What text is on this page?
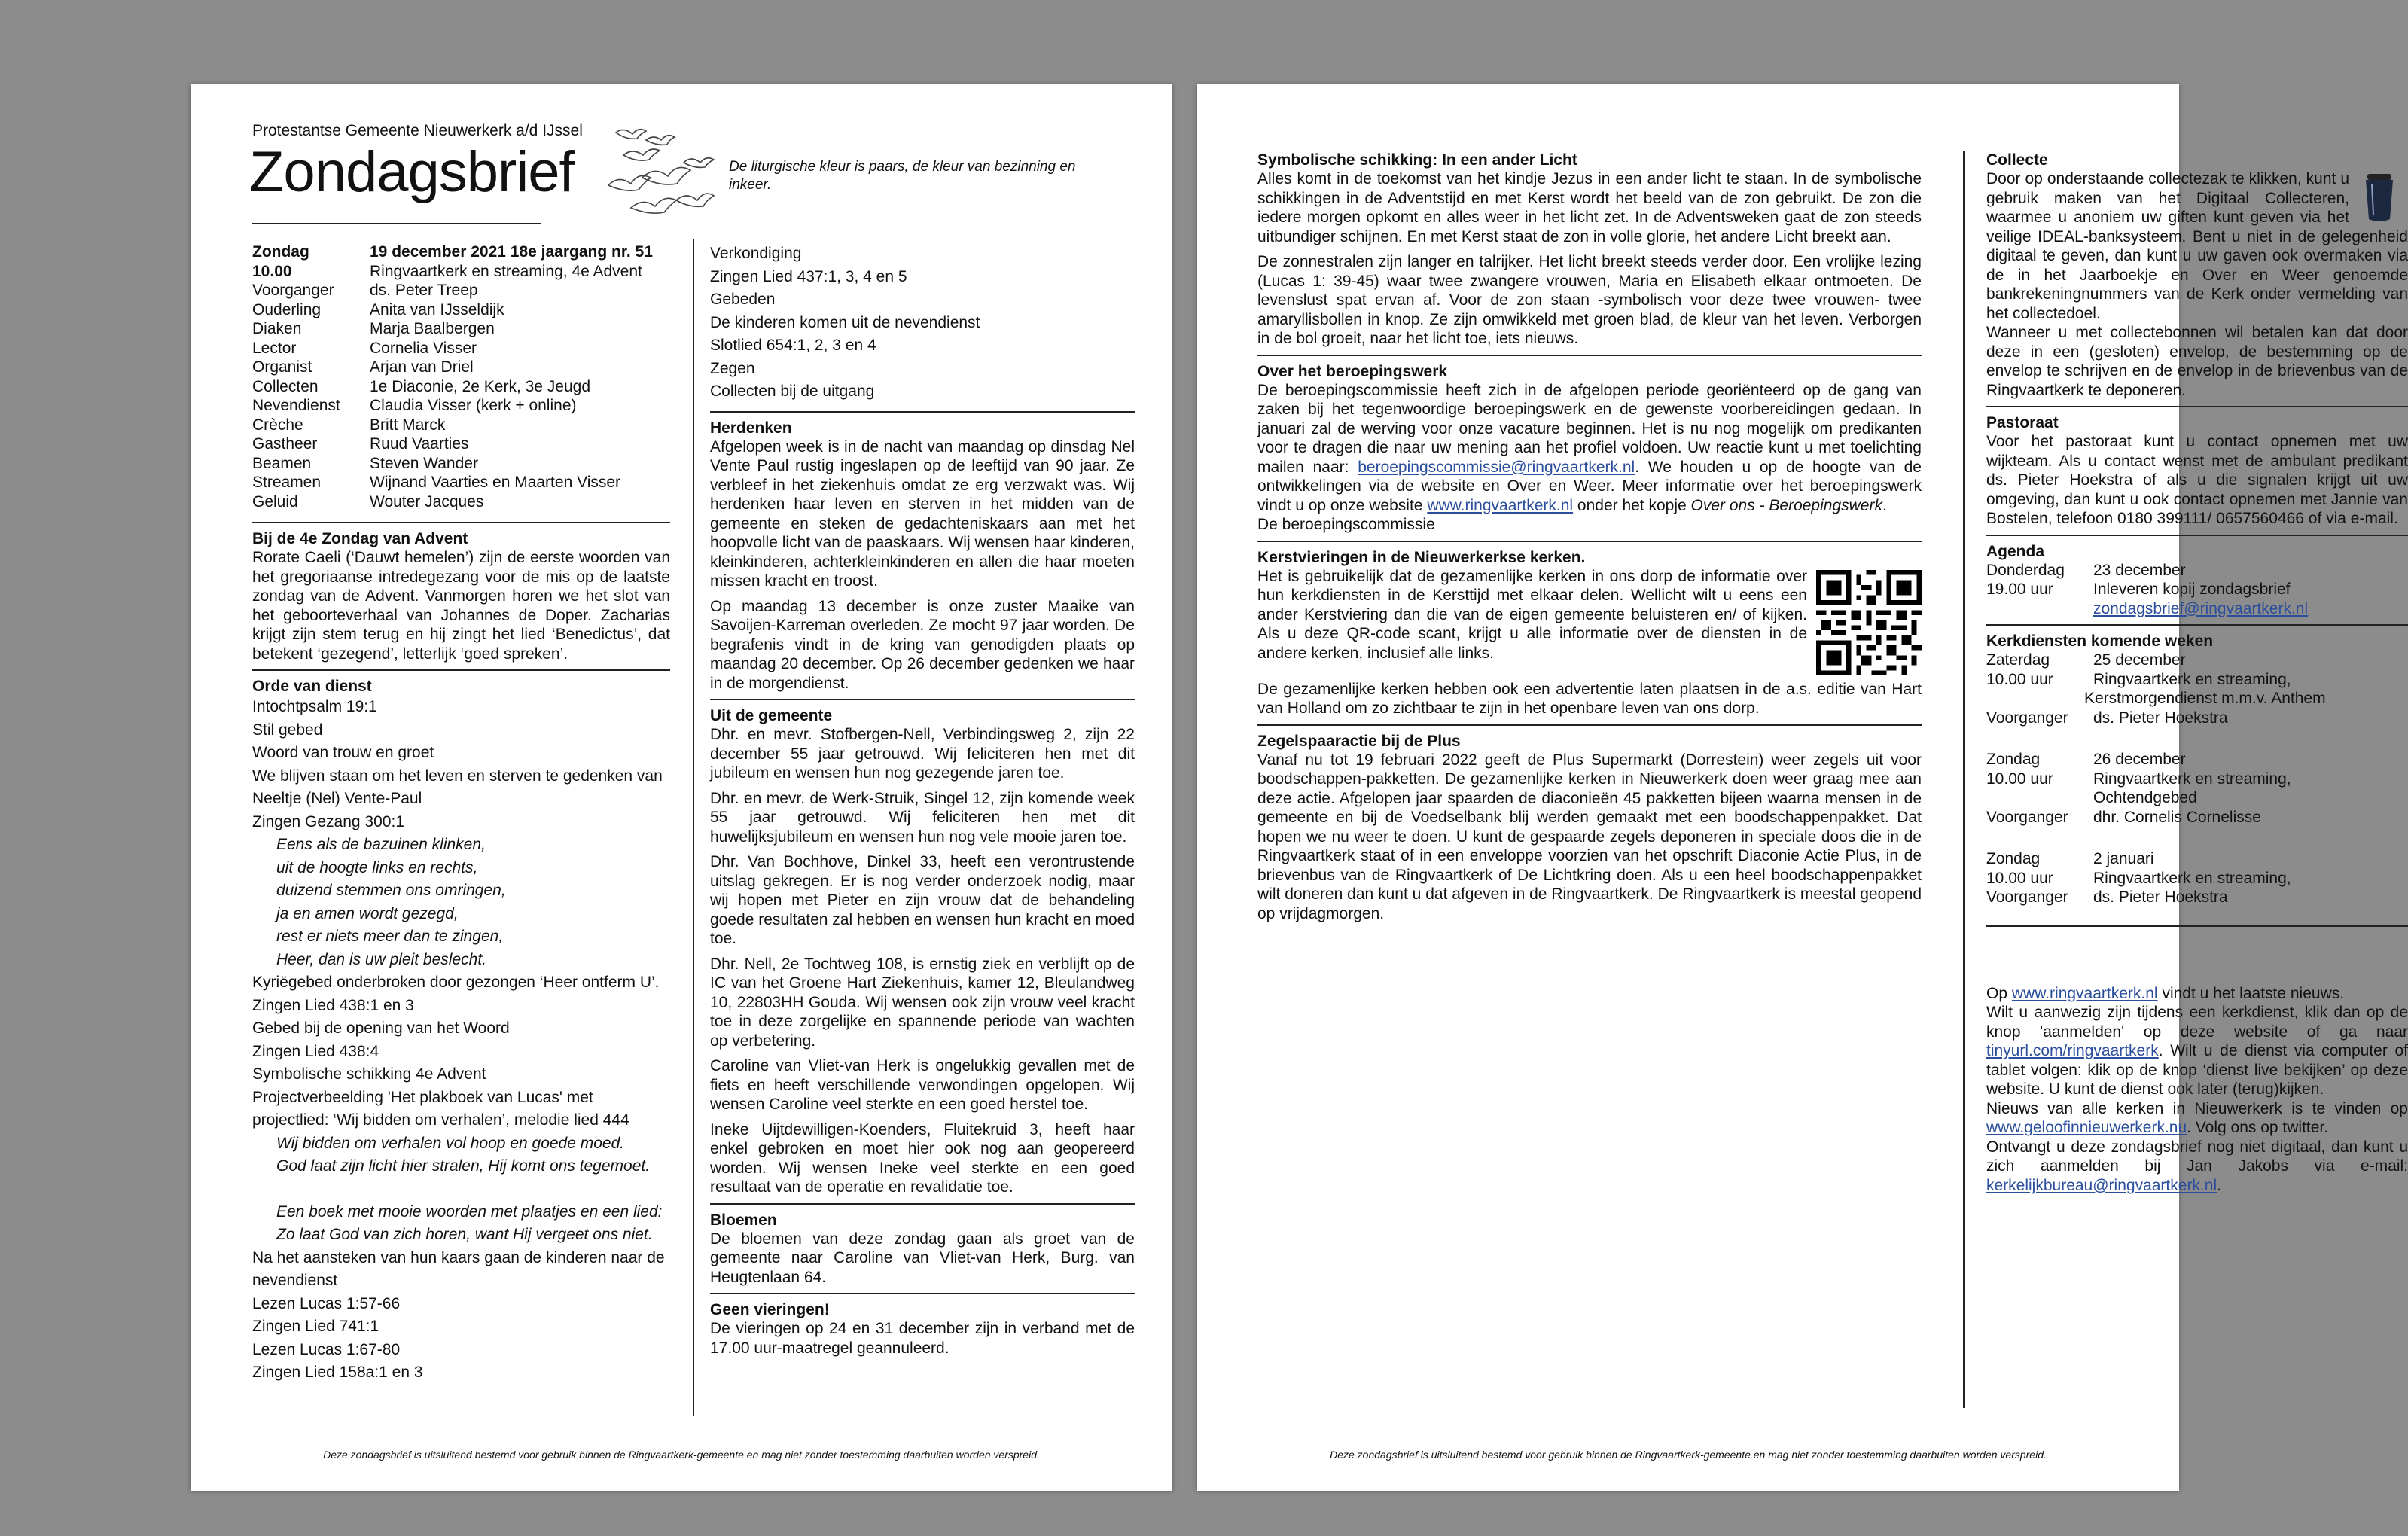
Protestantse Gemeente Nieuwerkerk a/d IJssel
Zondagsbrief	De liturgische kleur is paars, de kleur van bezinning en inkeer.
Zondag	19 december 2021 18e jaargang nr. 51
10.00	Ringvaartkerk en streaming, 4e Advent
Voorganger	ds. Peter Treep
Ouderling	Anita van IJsseldijk
Diaken	Marja Baalbergen
Lector	Cornelia Visser
Organist	Arjan van Driel
Collecten	1e Diaconie, 2e Kerk, 3e Jeugd
Nevendienst	Claudia Visser (kerk + online)
Crèche	Britt Marck
Gastheer	Ruud Vaarties
Beamen	Steven Wander
Streamen	Wijnand Vaarties en Maarten Visser
Geluid	Wouter Jacques
Bij de 4e Zondag van Advent
Rorate Caeli (‘Dauwt hemelen’) zijn de eerste woorden van het gregoriaanse intredegezang voor de mis op de laatste zondag van de Advent. Vanmorgen horen we het slot van het geboorteverhaal van Johannes de Doper. Zacharias krijgt zijn stem terug en hij zingt het lied ‘Benedictus’, dat betekent ‘gezegend’, letterlijk ‘goed spreken’.
Orde van dienst
Intochtpsalm 19:1
Stil gebed
Woord van trouw en groet
We blijven staan om het leven en sterven te gedenken van Neeltje (Nel) Vente-Paul
Zingen Gezang 300:1
Eens als de bazuinen klinken,
uit de hoogte links en rechts,
duizend stemmen ons omringen,
ja en amen wordt gezegd,
rest er niets meer dan te zingen,
Heer, dan is uw pleit beslecht.
Kyriëgebed onderbroken door gezongen ‘Heer ontferm U’.
Zingen Lied 438:1 en 3
Gebed bij de opening van het Woord
Zingen Lied 438:4
Symbolische schikking 4e Advent
Projectverbeelding 'Het plakboek van Lucas' met projectlied: ‘Wij bidden om verhalen’, melodie lied 444
Wij bidden om verhalen vol hoop en goede moed.
God laat zijn licht hier stralen, Hij komt ons tegemoet.
Een boek met mooie woorden met plaatjes en een lied:
Zo laat God van zich horen, want Hij vergeet ons niet.
Na het aansteken van hun kaars gaan de kinderen naar de nevendienst
Lezen Lucas 1:57-66
Zingen Lied 741:1
Lezen Lucas 1:67-80
Zingen Lied 158a:1 en 3
Verkondiging
Zingen Lied 437:1, 3, 4 en 5
Gebeden
De kinderen komen uit de nevendienst
Slotlied 654:1, 2, 3 en 4
Zegen
Collecten bij de uitgang
Herdenken
Afgelopen week is in de nacht van maandag op dinsdag Nel Vente Paul rustig ingeslapen op de leeftijd van 90 jaar. Ze verbleef in het ziekenhuis omdat ze erg verzwakt was. Wij herdenken haar leven en sterven in het midden van de gemeente en steken de gedachteniskaars aan met het hoopvolle licht van de paaskaars. Wij wensen haar kinderen, kleinkinderen, achterkleinkinderen en allen die haar moeten missen kracht en troost.
Op maandag 13 december is onze zuster Maaike van Savoijen-Karreman overleden. Ze mocht 97 jaar worden. De begrafenis vindt in de kring van genodigden plaats op maandag 20 december. Op 26 december gedenken we haar in de morgendienst.
Uit de gemeente
Dhr. en mevr. Stofbergen-Nell, Verbindingsweg 2, zijn 22 december 55 jaar getrouwd. Wij feliciteren hen met dit jubileum en wensen hun nog gezegende jaren toe.
Dhr. en mevr. de Werk-Struik, Singel 12, zijn komende week 55 jaar getrouwd. Wij feliciteren hen met dit huwelijksjubileum en wensen hun nog vele mooie jaren toe.
Dhr. Van Bochhove, Dinkel 33, heeft een verontrustende uitslag gekregen. Er is nog verder onderzoek nodig, maar wij hopen met Pieter en zijn vrouw dat de behandeling goede resultaten zal hebben en wensen hun kracht en moed toe.
Dhr. Nell, 2e Tochtweg 108, is ernstig ziek en verblijft op de IC van het Groene Hart Ziekenhuis, kamer 12, Bleulandweg 10, 22803HH Gouda. Wij wensen ook zijn vrouw veel kracht toe in deze zorgelijke en spannende periode van wachten op verbetering.
Caroline van Vliet-van Herk is ongelukkig gevallen met de fiets en heeft verschillende verwondingen opgelopen. Wij wensen Caroline veel sterkte en een goed herstel toe.
Ineke Uijtdewilligen-Koenders, Fluitekruid 3, heeft haar enkel gebroken en moet hier ook nog aan geopereerd worden. Wij wensen Ineke veel sterkte en een goed resultaat van de operatie en revalidatie toe.
Bloemen
De bloemen van deze zondag gaan als groet van de gemeente naar Caroline van Vliet-van Herk, Burg. van Heugtenlaan 64.
Geen vieringen!
De vieringen op 24 en 31 december zijn in verband met de 17.00 uur-maatregel geannuleerd.
Deze zondagsbrief is uitsluitend bestemd voor gebruik binnen de Ringvaartkerk-gemeente en mag niet zonder toestemming daarbuiten worden verspreid.
Symbolische schikking: In een ander Licht
Alles komt in de toekomst van het kindje Jezus in een ander licht te staan. In de symbolische schikkingen in de Adventstijd en met Kerst wordt het beeld van de zon gebruikt. De zon die iedere morgen opkomt en alles weer in het licht zet. In de Adventsweken gaat de zon steeds uitbundiger schijnen. En met Kerst staat de zon in volle glorie, het andere Licht breekt aan.
De zonnestralen zijn langer en talrijker. Het licht breekt steeds verder door. Een vrolijke lezing (Lucas 1: 39-45) waar twee zwangere vrouwen, Maria en Elisabeth elkaar ontmoeten. De levenslust spat ervan af. Voor de zon staan -symbolisch voor deze twee vrouwen- twee amaryllisbollen in knop. Ze zijn omwikkeld met groen blad, de kleur van het leven. Verborgen in de bol groeit, naar het licht toe, iets nieuws.
Over het beroepingswerk
De beroepingscommissie heeft zich in de afgelopen periode georiënteerd op de gang van zaken bij het tegenwoordige beroepingswerk en de gewenste voorbereidingen gedaan. In januari zal de werving voor onze vacature beginnen. Het is nu nog mogelijk om predikanten voor te dragen die naar uw mening aan het profiel voldoen. Uw reactie kunt u met toelichting mailen naar: beroepingscommissie@ringvaartkerk.nl. We houden u op de hoogte van de ontwikkelingen via de website en Over en Weer. Meer informatie over het beroepingswerk vindt u op onze website www.ringvaartkerk.nl onder het kopje Over ons - Beroepingswerk.
De beroepingscommissie
Kerstvieringen in de Nieuwerkerkse kerken.
Het is gebruikelijk dat de gezamenlijke kerken in ons dorp de informatie over hun kerkdiensten in de Kersttijd met elkaar delen. Wellicht wilt u eens een ander Kerstviering dan die van de eigen gemeente beluisteren en/ of kijken. Als u deze QR-code scant, krijgt u alle informatie over de diensten in de andere kerken, inclusief alle links.
De gezamenlijke kerken hebben ook een advertentie laten plaatsen in de a.s. editie van Hart van Holland om zo zichtbaar te zijn in het openbare leven van ons dorp.
Zegelspaaractie bij de Plus
Vanaf nu tot 19 februari 2022 geeft de Plus Supermarkt (Dorrestein) weer zegels uit voor boodschappen-pakketten. De gezamenlijke kerken in Nieuwerkerk doen weer graag mee aan deze actie. Afgelopen jaar spaarden de diaconieën 45 pakketten bijeen waarna mensen in de gemeente en bij de Voedselbank blij werden gemaakt met een boodschappenpakket. Dat hopen we nu weer te doen. U kunt de gespaarde zegels deponeren in speciale doos die in de Ringvaartkerk staat of in een enveloppe voorzien van het opschrift Diaconie Actie Plus, in de brievenbus van de Ringvaartkerk of De Lichtkring doen. Als u een heel boodschappenpakket wilt doneren dan kunt u dat afgeven in de Ringvaartkerk. De Ringvaartkerk is meestal geopend op vrijdagmorgen.
Collecte
Door op onderstaande collectezak te klikken, kunt u gebruik maken van het Digitaal Collecteren, waarmee u anoniem uw giften kunt geven via het veilige IDEAL-banksysteem. Bent u niet in de gelegenheid digitaal te geven, dan kunt u uw gaven ook overmaken via de in het Jaarboekje en Over en Weer genoemde bankrekeningnummers van de Kerk onder vermelding van het collectedoel.
Wanneer u met collectebonnen wil betalen kan dat door deze in een (gesloten) envelop, de bestemming op de envelop te schrijven en de envelop in de brievenbus van de Ringvaartkerk te deponeren.
Pastoraat
Voor het pastoraat kunt u contact opnemen met uw wijkteam. Als u contact wenst met de ambulant predikant ds. Pieter Hoekstra of als u die signalen krijgt uit uw omgeving, dan kunt u ook contact opnemen met Jannie van Bostelen, telefoon 0180 399111/ 0657560466 of via e-mail.
Agenda
Donderdag	23 december
19.00 uur	Inleveren kopij zondagsbrief
zondagsbrief@ringvaartkerk.nl
Kerkdiensten komende weken
Zaterdag	25 december
10.00 uur	Ringvaartkerk en streaming,
Kerstmorgendienst m.m.v. Anthem
Voorganger	ds. Pieter Hoekstra
Zondag	26 december
10.00 uur	Ringvaartkerk en streaming,
Ochtendgebed
Voorganger	dhr. Cornelis Cornelisse
Zondag	2 januari
10.00 uur	Ringvaartkerk en streaming,
Voorganger	ds. Pieter Hoekstra
Op www.ringvaartkerk.nl vindt u het laatste nieuws.
Wilt u aanwezig zijn tijdens een kerkdienst, klik dan op de knop 'aanmelden' op deze website of ga naar tinyurl.com/ringvaartkerk. Wilt u de dienst via computer of tablet volgen: klik op de knop ‘dienst live bekijken’ op deze website. U kunt de dienst ook later (terug)kijken.
Nieuws van alle kerken in Nieuwerkerk is te vinden op www.geloofinnieuwerkerk.nu. Volg ons op twitter.
Ontvangt u deze zondagsbrief nog niet digitaal, dan kunt u zich aanmelden bij Jan Jakobs via e-mail: kerkelijkbureau@ringvaartkerk.nl.
Deze zondagsbrief is uitsluitend bestemd voor gebruik binnen de Ringvaartkerk-gemeente en mag niet zonder toestemming daarbuiten worden verspreid.
